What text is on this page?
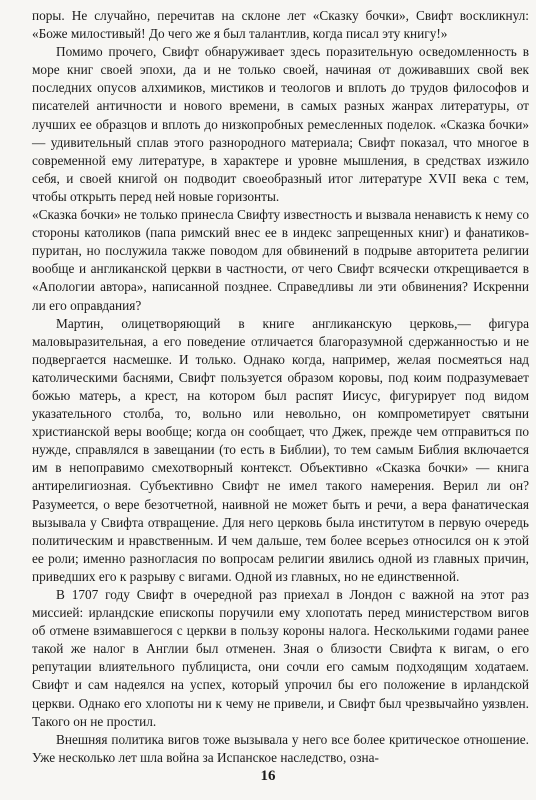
поры. Не случайно, перечитав на склоне лет «Сказку бочки», Свифт воскликнул: «Боже милостивый! До чего же я был талантлив, когда писал эту книгу!»

Помимо прочего, Свифт обнаруживает здесь поразительную осведомленность в море книг своей эпохи, да и не только своей, начиная от доживавших свой век последних опусов алхимиков, мистиков и теологов и вплоть до трудов философов и писателей античности и нового времени, в самых разных жанрах литературы, от лучших ее образцов и вплоть до низкопробных ремесленных поделок. «Сказка бочки» — удивительный сплав этого разнородного материала; Свифт показал, что многое в современной ему литературе, в характере и уровне мышления, в средствах изжило себя, и своей книгой он подводит своеобразный итог литературе XVII века с тем, чтобы открыть перед ней новые горизонты.

«Сказка бочки» не только принесла Свифту известность и вызвала ненависть к нему со стороны католиков (папа римский внес ее в индекс запрещенных книг) и фанатиков-пуритан, но послужила также поводом для обвинений в подрыве авторитета религии вообще и англиканской церкви в частности, от чего Свифт всячески открещивается в «Апологии автора», написанной позднее. Справедливы ли эти обвинения? Искренни ли его оправдания?

Мартин, олицетворяющий в книге англиканскую церковь,— фигура маловыразительная, а его поведение отличается благоразумной сдержанностью и не подвергается насмешке. И только. Однако когда, например, желая посмеяться над католическими баснями, Свифт пользуется образом коровы, под коим подразумевает божью матерь, а крест, на котором был распят Иисус, фигурирует под видом указательного столба, то, вольно или невольно, он компрометирует святыни христианской веры вообще; когда он сообщает, что Джек, прежде чем отправиться по нужде, справлялся в завещании (то есть в Библии), то тем самым Библия включается им в непоправимо смехотворный контекст. Объективно «Сказка бочки» — книга антирелигиозная. Субъективно Свифт не имел такого намерения. Верил ли он? Разумеется, о вере безотчетной, наивной не может быть и речи, а вера фанатическая вызывала у Свифта отвращение. Для него церковь была институтом в первую очередь политическим и нравственным. И чем дальше, тем более всерьез относился он к этой ее роли; именно разногласия по вопросам религии явились одной из главных причин, приведших его к разрыву с вигами. Одной из главных, но не единственной.

В 1707 году Свифт в очередной раз приехал в Лондон с важной на этот раз миссией: ирландские епископы поручили ему хлопотать перед министерством вигов об отмене взимавшегося с церкви в пользу короны налога. Несколькими годами ранее такой же налог в Англии был отменен. Зная о близости Свифта к вигам, о его репутации влиятельного публициста, они сочли его самым подходящим ходатаем. Свифт и сам надеялся на успех, который упрочил бы его положение в ирландской церкви. Однако его хлопоты ни к чему не привели, и Свифт был чрезвычайно уязвлен. Такого он не простил.

Внешняя политика вигов тоже вызывала у него все более критическое отношение. Уже несколько лет шла война за Испанское наследство, озна-

16
